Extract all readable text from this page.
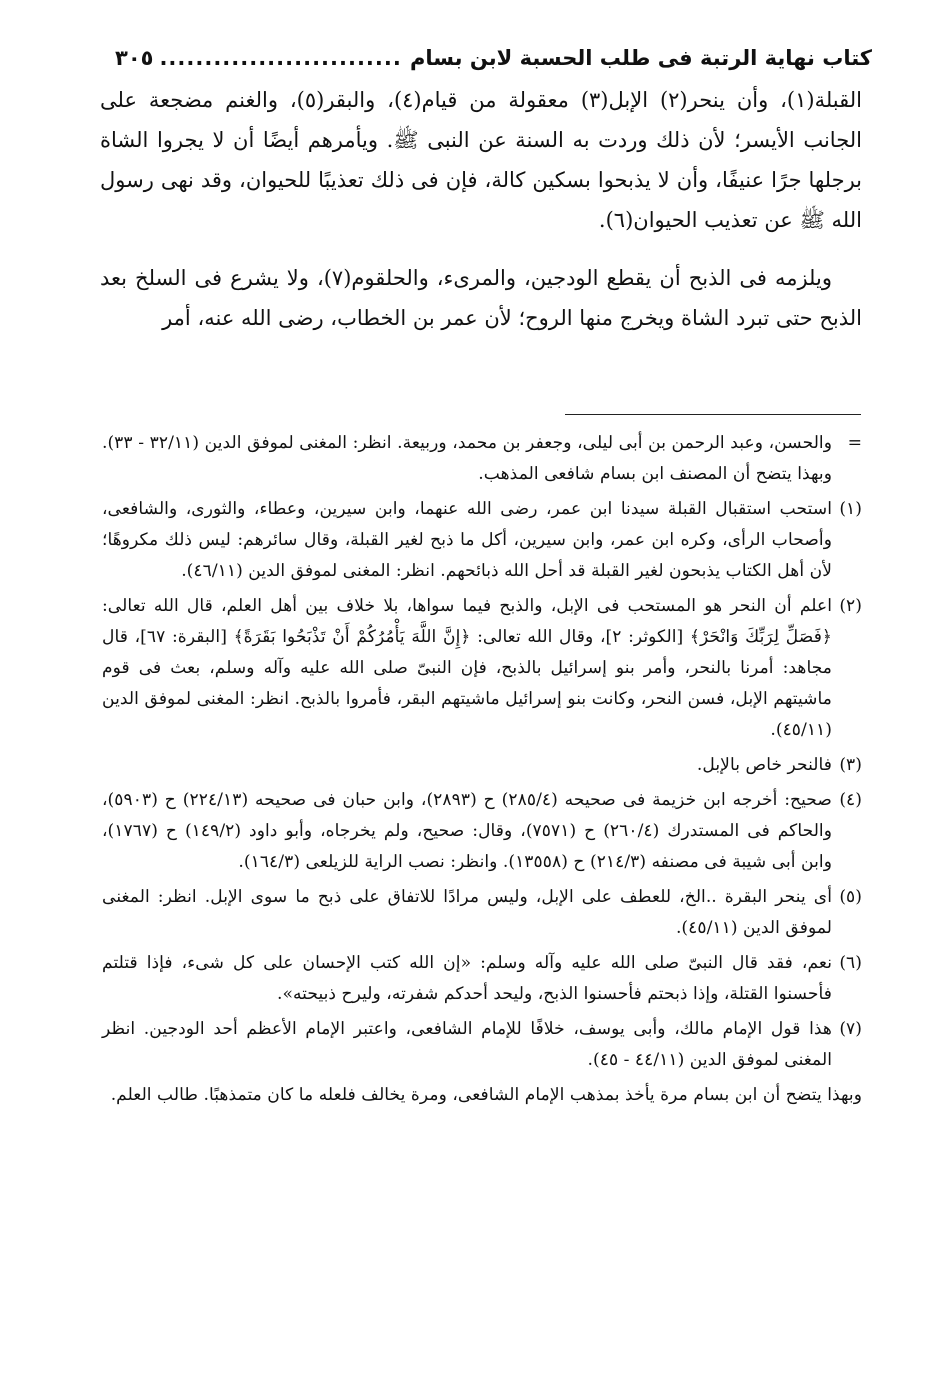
كتاب نهاية الرتبة فى طلب الحسبة لابن بسام
٣٠٥ ...........................

القبلة(١)، وأن ينحر(٢) الإبل(٣) معقولة من قيام(٤)، والبقر(٥)، والغنم مضجعة على الجانب الأيسر؛ لأن ذلك وردت به السنة عن النبى ﷺ. ويأمرهم أيضًا أن لا يجروا الشاة برجلها جرًا عنيفًا، وأن لا يذبحوا بسكين كالة، فإن فى ذلك تعذيبًا للحيوان، وقد نهى رسول الله ﷺ عن تعذيب الحيوان(٦).

ويلزمه فى الذبح أن يقطع الودجين، والمرىء، والحلقوم(٧)، ولا يشرع فى السلخ بعد الذبح حتى تبرد الشاة ويخرج منها الروح؛ لأن عمر بن الخطاب، رضى الله عنه، أمر

=
والحسن، وعبد الرحمن بن أبى ليلى، وجعفر بن محمد، وربيعة. انظر: المغنى لموفق الدين (٣٢/١١ - ٣٣). وبهذا يتضح أن المصنف ابن بسام شافعى المذهب.
(١)
استحب استقبال القبلة سيدنا ابن عمر، رضى الله عنهما، وابن سيرين، وعطاء، والثورى، والشافعى، وأصحاب الرأى، وكره ابن عمر، وابن سيرين، أكل ما ذبح لغير القبلة، وقال سائرهم: ليس ذلك مكروهًا؛ لأن أهل الكتاب يذبحون لغير القبلة قد أحل الله ذبائحهم. انظر: المغنى لموفق الدين (٤٦/١١).
(٢)
اعلم أن النحر هو المستحب فى الإبل، والذبح فيما سواها، بلا خلاف بين أهل العلم، قال الله تعالى: ﴿فَصَلِّ لِرَبِّكَ وَانْحَرْ﴾ [الكوثر: ٢]، وقال الله تعالى: ﴿إِنَّ اللَّهَ يَأْمُرُكُمْ أَنْ تَذْبَحُوا بَقَرَةً﴾ [البقرة: ٦٧]، قال مجاهد: أمرنا بالنحر، وأمر بنو إسرائيل بالذبح، فإن النبىّ صلى الله عليه وآله وسلم، بعث فى قوم ماشيتهم الإبل، فسن النحر، وكانت بنو إسرائيل ماشيتهم البقر، فأمروا بالذبح. انظر: المغنى لموفق الدين (٤٥/١١).
(٣)
فالنحر خاص بالإبل.
(٤)
صحيح: أخرجه ابن خزيمة فى صحيحه (٢٨٥/٤) ح (٢٨٩٣)، وابن حبان فى صحيحه (٢٢٤/١٣) ح (٥٩٠٣)، والحاكم فى المستدرك (٢٦٠/٤) ح (٧٥٧١)، وقال: صحيح، ولم يخرجاه، وأبو داود (١٤٩/٢) ح (١٧٦٧)، وابن أبى شيبة فى مصنفه (٢١٤/٣) ح (١٣٥٥٨). وانظر: نصب الراية للزيلعى (١٦٤/٣).
(٥)
أى ينحر البقرة ..الخ، للعطف على الإبل، وليس مرادًا للاتفاق على ذبح ما سوى الإبل. انظر: المغنى لموفق الدين (٤٥/١١).
(٦)
نعم، فقد قال النبىّ صلى الله عليه وآله وسلم: «إن الله كتب الإحسان على كل شىء، فإذا قتلتم فأحسنوا القتلة، وإذا ذبحتم فأحسنوا الذبح، وليحد أحدكم شفرته، وليرح ذبيحته».
(٧)
هذا قول الإمام مالك، وأبى يوسف، خلافًا للإمام الشافعى، واعتبر الإمام الأعظم أحد الودجين. انظر المغنى لموفق الدين (٤٤/١١ - ٤٥).

وبهذا يتضح أن ابن بسام مرة يأخذ بمذهب الإمام الشافعى، ومرة يخالف فلعله ما كان متمذهبًا. طالب العلم.
